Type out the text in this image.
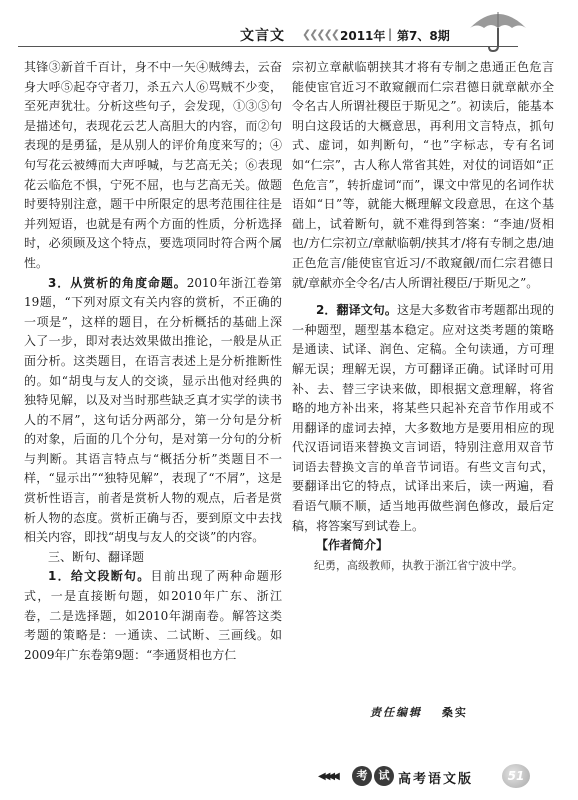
文言文 ❮❮❮❮❮ 2011年 | 第7、8期

其锋③新首千百计，身不中一矢④贼缚去，云奋身大呼⑤起夺守者刀，杀五六人⑥骂贼不少变，至死声犹壮。分析这些句子，会发现，①③⑤句是描述句，表现花云艺人高胆大的内容，而②句表现的是勇猛，是从别人的评价角度来写的；④句写花云被缚而大声呼喊，与艺高无关；⑥表现花云临危不惧，宁死不屈，也与艺高无关。做题时要特别注意，题干中所限定的思考范围往往是并列短语，也就是有两个方面的性质，分析选择时，必须顾及这个特点，要选项同时符合两个属性。

3．从赏析的角度命题。2010年浙江卷第19题，“下列对原文有关内容的赏析，不正确的一项是”，这样的题目，在分析概括的基础上深入了一步，即对表达效果做出推论，一般是从正面分析。这类题目，在语言表述上是分析推断性的。如“胡曳与友人的交谈，显示出他对经典的独特见解，以及对当时那些缺乏真才实学的读书人的不屑”，这句话分两部分，第一分句是分析的对象，后面的几个分句，是对第一分句的分析与判断。其语言特点与“概括分析”类题目不一样，“显示出”“独特见解”，表现了“不屑”，这是赏析性语言，前者是赏析人物的观点，后者是赏析人物的态度。赏析正确与否，要到原文中去找相关内容，即找“胡曳与友人的交谈”的内容。

三、断句、翻译题

1．给文段断句。目前出现了两种命题形式，一是直接断句题，如2010年广东、浙江卷，二是选择题，如2010年湖南卷。解答这类考题的策略是：一通读、二试断、三画线。如2009年广东卷第9题：“李通贤相也方仁

宗初立章献临朝挟其才将有专制之患通正色危言能使宦官近习不敢窥觎而仁宗君德日就章献亦全令名古人所谓社稷臣于斯见之”。初读后，能基本明白这段话的大概意思，再利用文言特点，抓句式、虚词，如判断句，“也”字标志，专有名词如“仁宗”，古人称人常省其姓，对仗的词语如“正色危言”，转折虚词“而”，课文中常见的名词作状语如“日”等，就能大概理解文段意思，在这个基础上，试着断句，就不难得到答案：“李迪/贤相也/方仁宗初立/章献临朝/挟其才/将有专制之患/迪正色危言/能使宦官近习/不敢窥觎/而仁宗君德日就/章献亦全令名/古人所谓社稷臣/于斯见之”。

2．翻译文句。这是大多数省市考题都出现的一种题型，题型基本稳定。应对这类考题的策略是通读、试译、润色、定稿。全句读通，方可理解无误；理解无误，方可翻译正确。试译时可用补、去、替三字诀来做，即根据文意理解，将省略的地方补出来，将某些只起补充音节作用或不用翻译的虚词去掉，大多数地方是要用相应的现代汉语词语来替换文言词语，特别注意用双音节词语去替换文言的单音节词语。有些文言句式，要翻译出它的特点，试译出来后，读一两遍，看看语气顺不顺，适当地再做些润色修改，最后定稿，将答案写到试卷上。

【作者简介】

纪勇，高级教师，执教于浙江省宁波中学。

责任编辑 桑实
◀◀◀◀	考	试 高考语文版	51
